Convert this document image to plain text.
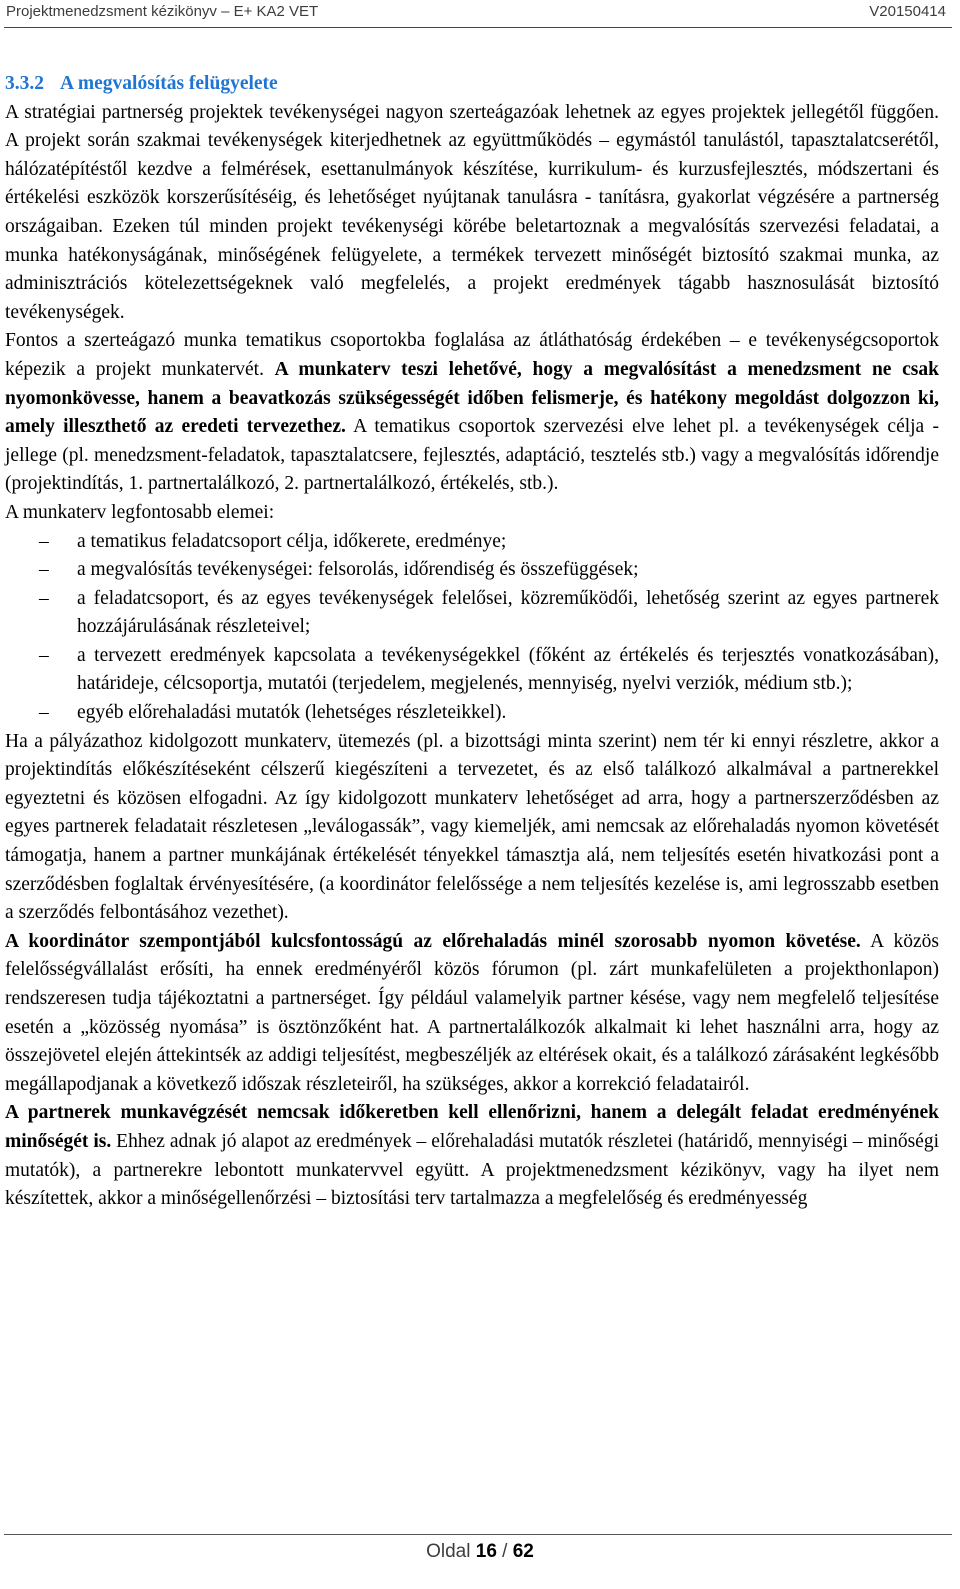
Projektmenedzsment kézikönyv – E+ KA2 VET	V20150414
3.3.2 A megvalósítás felügyelete

A stratégiai partnerség projektek tevékenységei nagyon szerteágazóak lehetnek az egyes projektek jellegétől függően. A projekt során szakmai tevékenységek kiterjedhetnek az együttműködés – egymástól tanulástól, tapasztalatcserétől, hálózatépítéstől kezdve a felmérések, esettanulmányok készítése, kurrikulum- és kurzusfejlesztés, módszertani és értékelési eszközök korszerűsítéséig, és lehetőséget nyújtanak tanulásra - tanításra, gyakorlat végzésére a partnerség országaiban. Ezeken túl minden projekt tevékenységi körébe beletartoznak a megvalósítás szervezési feladatai, a munka hatékonyságának, minőségének felügyelete, a termékek tervezett minőségét biztosító szakmai munka, az adminisztrációs kötelezettségeknek való megfelelés, a projekt eredmények tágabb hasznosulását biztosító tevékenységek.

Fontos a szerteágazó munka tematikus csoportokba foglalása az átláthatóság érdekében – e tevékenységcsoportok képezik a projekt munkatervét. A munkaterv teszi lehetővé, hogy a megvalósítást a menedzsment ne csak nyomonkövesse, hanem a beavatkozás szükségességét időben felismerje, és hatékony megoldást dolgozzon ki, amely illeszthető az eredeti tervezethez. A tematikus csoportok szervezési elve lehet pl. a tevékenységek célja - jellege (pl. menedzsment-feladatok, tapasztalatcsere, fejlesztés, adaptáció, tesztelés stb.) vagy a megvalósítás időrendje (projektindítás, 1. partnertalálkozó, 2. partnertalálkozó, értékelés, stb.).

A munkaterv legfontosabb elemei:

– a tematikus feladatcsoport célja, időkerete, eredménye;
– a megvalósítás tevékenységei: felsorolás, időrendiség és összefüggések;
– a feladatcsoport, és az egyes tevékenységek felelősei, közreműködői, lehetőség szerint az egyes partnerek hozzájárulásának részleteivel;
– a tervezett eredmények kapcsolata a tevékenységekkel (főként az értékelés és terjesztés vonatkozásában), határideje, célcsoportja, mutatói (terjedelem, megjelenés, mennyiség, nyelvi verziók, médium stb.);
– egyéb előrehaladási mutatók (lehetséges részleteikkel).

Ha a pályázathoz kidolgozott munkaterv, ütemezés (pl. a bizottsági minta szerint) nem tér ki ennyi részletre, akkor a projektindítás előkészítéseként célszerű kiegészíteni a tervezetet, és az első találkozó alkalmával a partnerekkel egyeztetni és közösen elfogadni. Az így kidolgozott munkaterv lehetőséget ad arra, hogy a partnerszerződésben az egyes partnerek feladatait részletesen „leválogassák”, vagy kiemeljék, ami nemcsak az előrehaladás nyomon követését támogatja, hanem a partner munkájának értékelését tényekkel támasztja alá, nem teljesítés esetén hivatkozási pont a szerződésben foglaltak érvényesítésére, (a koordinátor felelőssége a nem teljesítés kezelése is, ami legrosszabb esetben a szerződés felbontásához vezethet).

A koordinátor szempontjából kulcsfontosságú az előrehaladás minél szorosabb nyomon követése. A közös felelősségvállalást erősíti, ha ennek eredményéről közös fórumon (pl. zárt munkafelületen a projekthonlapon) rendszeresen tudja tájékoztatni a partnerséget. Így például valamelyik partner késése, vagy nem megfelelő teljesítése esetén a „közösség nyomása” is ösztönzőként hat. A partnertalálkozók alkalmait ki lehet használni arra, hogy az összejövetel elején áttekintsék az addigi teljesítést, megbeszéljék az eltérések okait, és a találkozó zárásaként legkésőbb megállapodjanak a következő időszak részleteiről, ha szükséges, akkor a korrekció feladatairól.

A partnerek munkavégzését nemcsak időkeretben kell ellenőrizni, hanem a delegált feladat eredményének minőségét is. Ehhez adnak jó alapot az eredmények – előrehaladási mutatók részletei (határidő, mennyiségi – minőségi mutatók), a partnerekre lebontott munkatervvel együtt. A projektmenedzsment kézikönyv, vagy ha ilyet nem készítettek, akkor a minőségellenőrzési – biztosítási terv tartalmazza a megfelelőség és eredményesség

Oldal 16 / 62
